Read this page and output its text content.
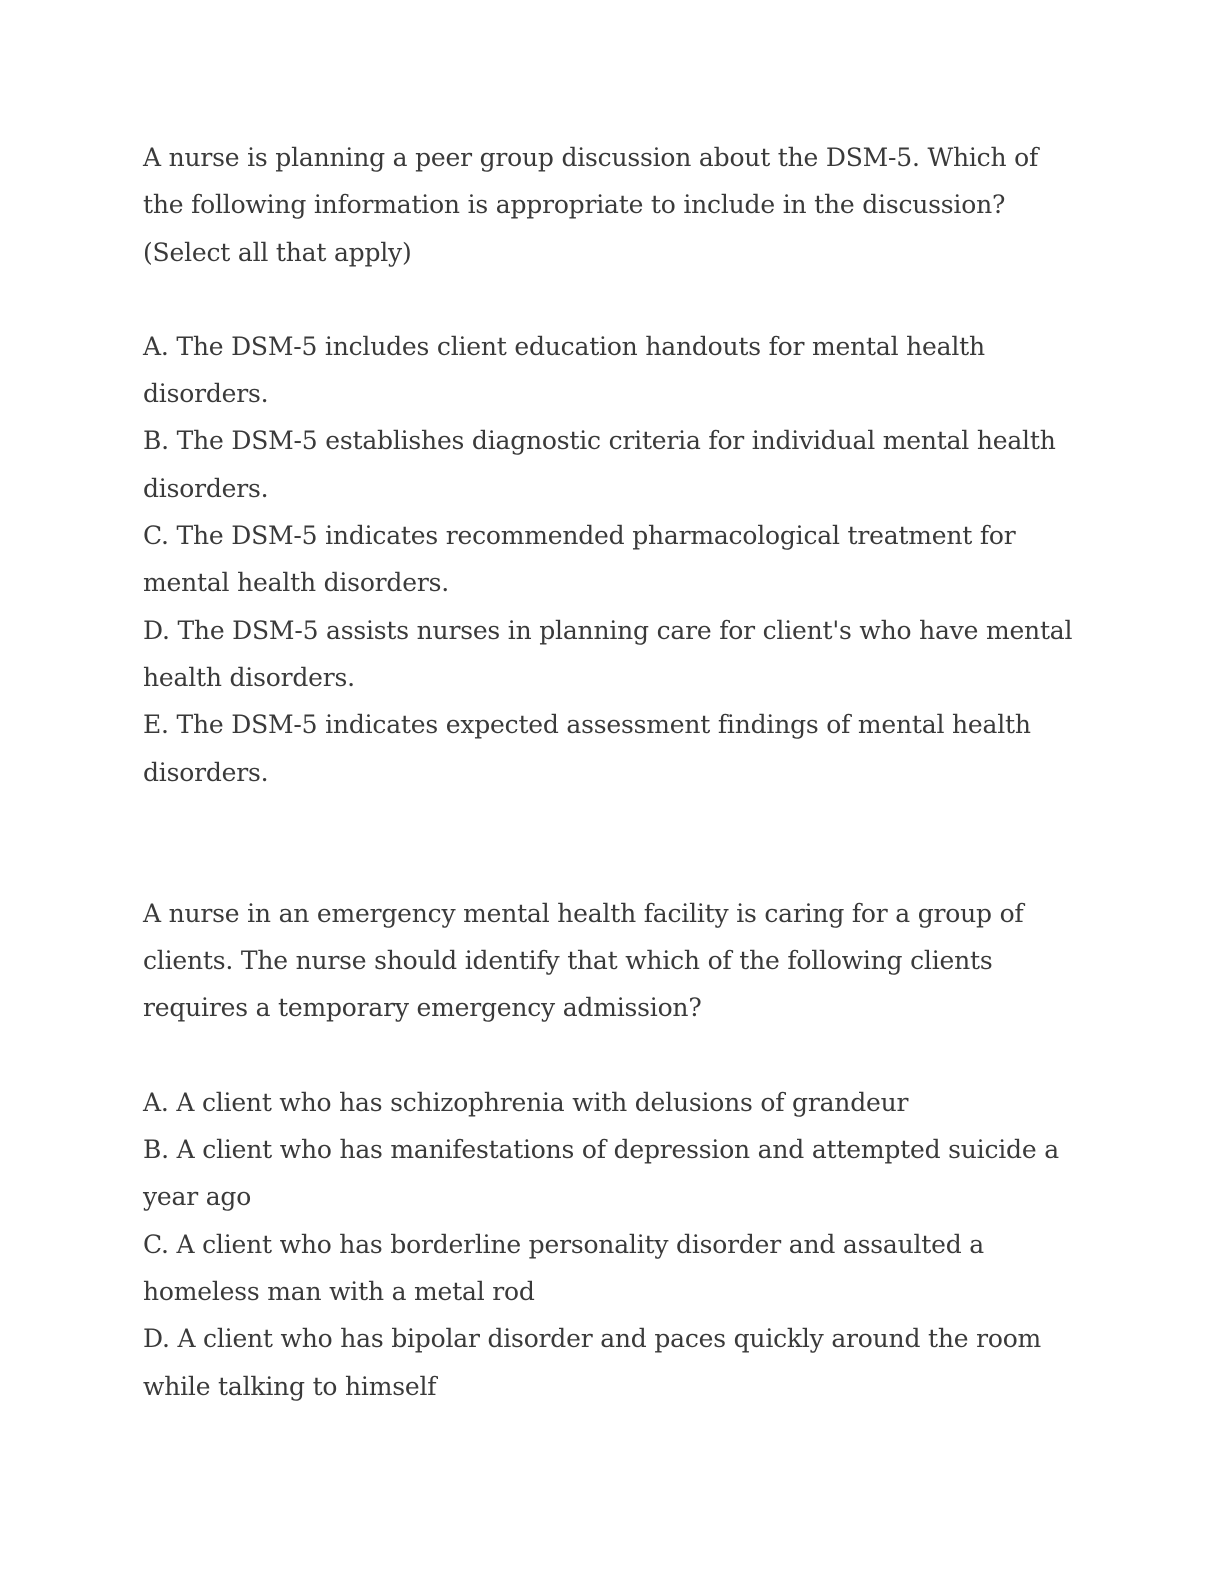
A nurse is planning a peer group discussion about the DSM-5. Which of the following information is appropriate to include in the discussion? (Select all that apply)

A. The DSM-5 includes client education handouts for mental health disorders.
B. The DSM-5 establishes diagnostic criteria for individual mental health disorders.
C. The DSM-5 indicates recommended pharmacological treatment for mental health disorders.
D. The DSM-5 assists nurses in planning care for client's who have mental health disorders.
E. The DSM-5 indicates expected assessment findings of mental health disorders.

A nurse in an emergency mental health facility is caring for a group of clients. The nurse should identify that which of the following clients requires a temporary emergency admission?

A. A client who has schizophrenia with delusions of grandeur
B. A client who has manifestations of depression and attempted suicide a year ago
C. A client who has borderline personality disorder and assaulted a homeless man with a metal rod
D. A client who has bipolar disorder and paces quickly around the room while talking to himself
